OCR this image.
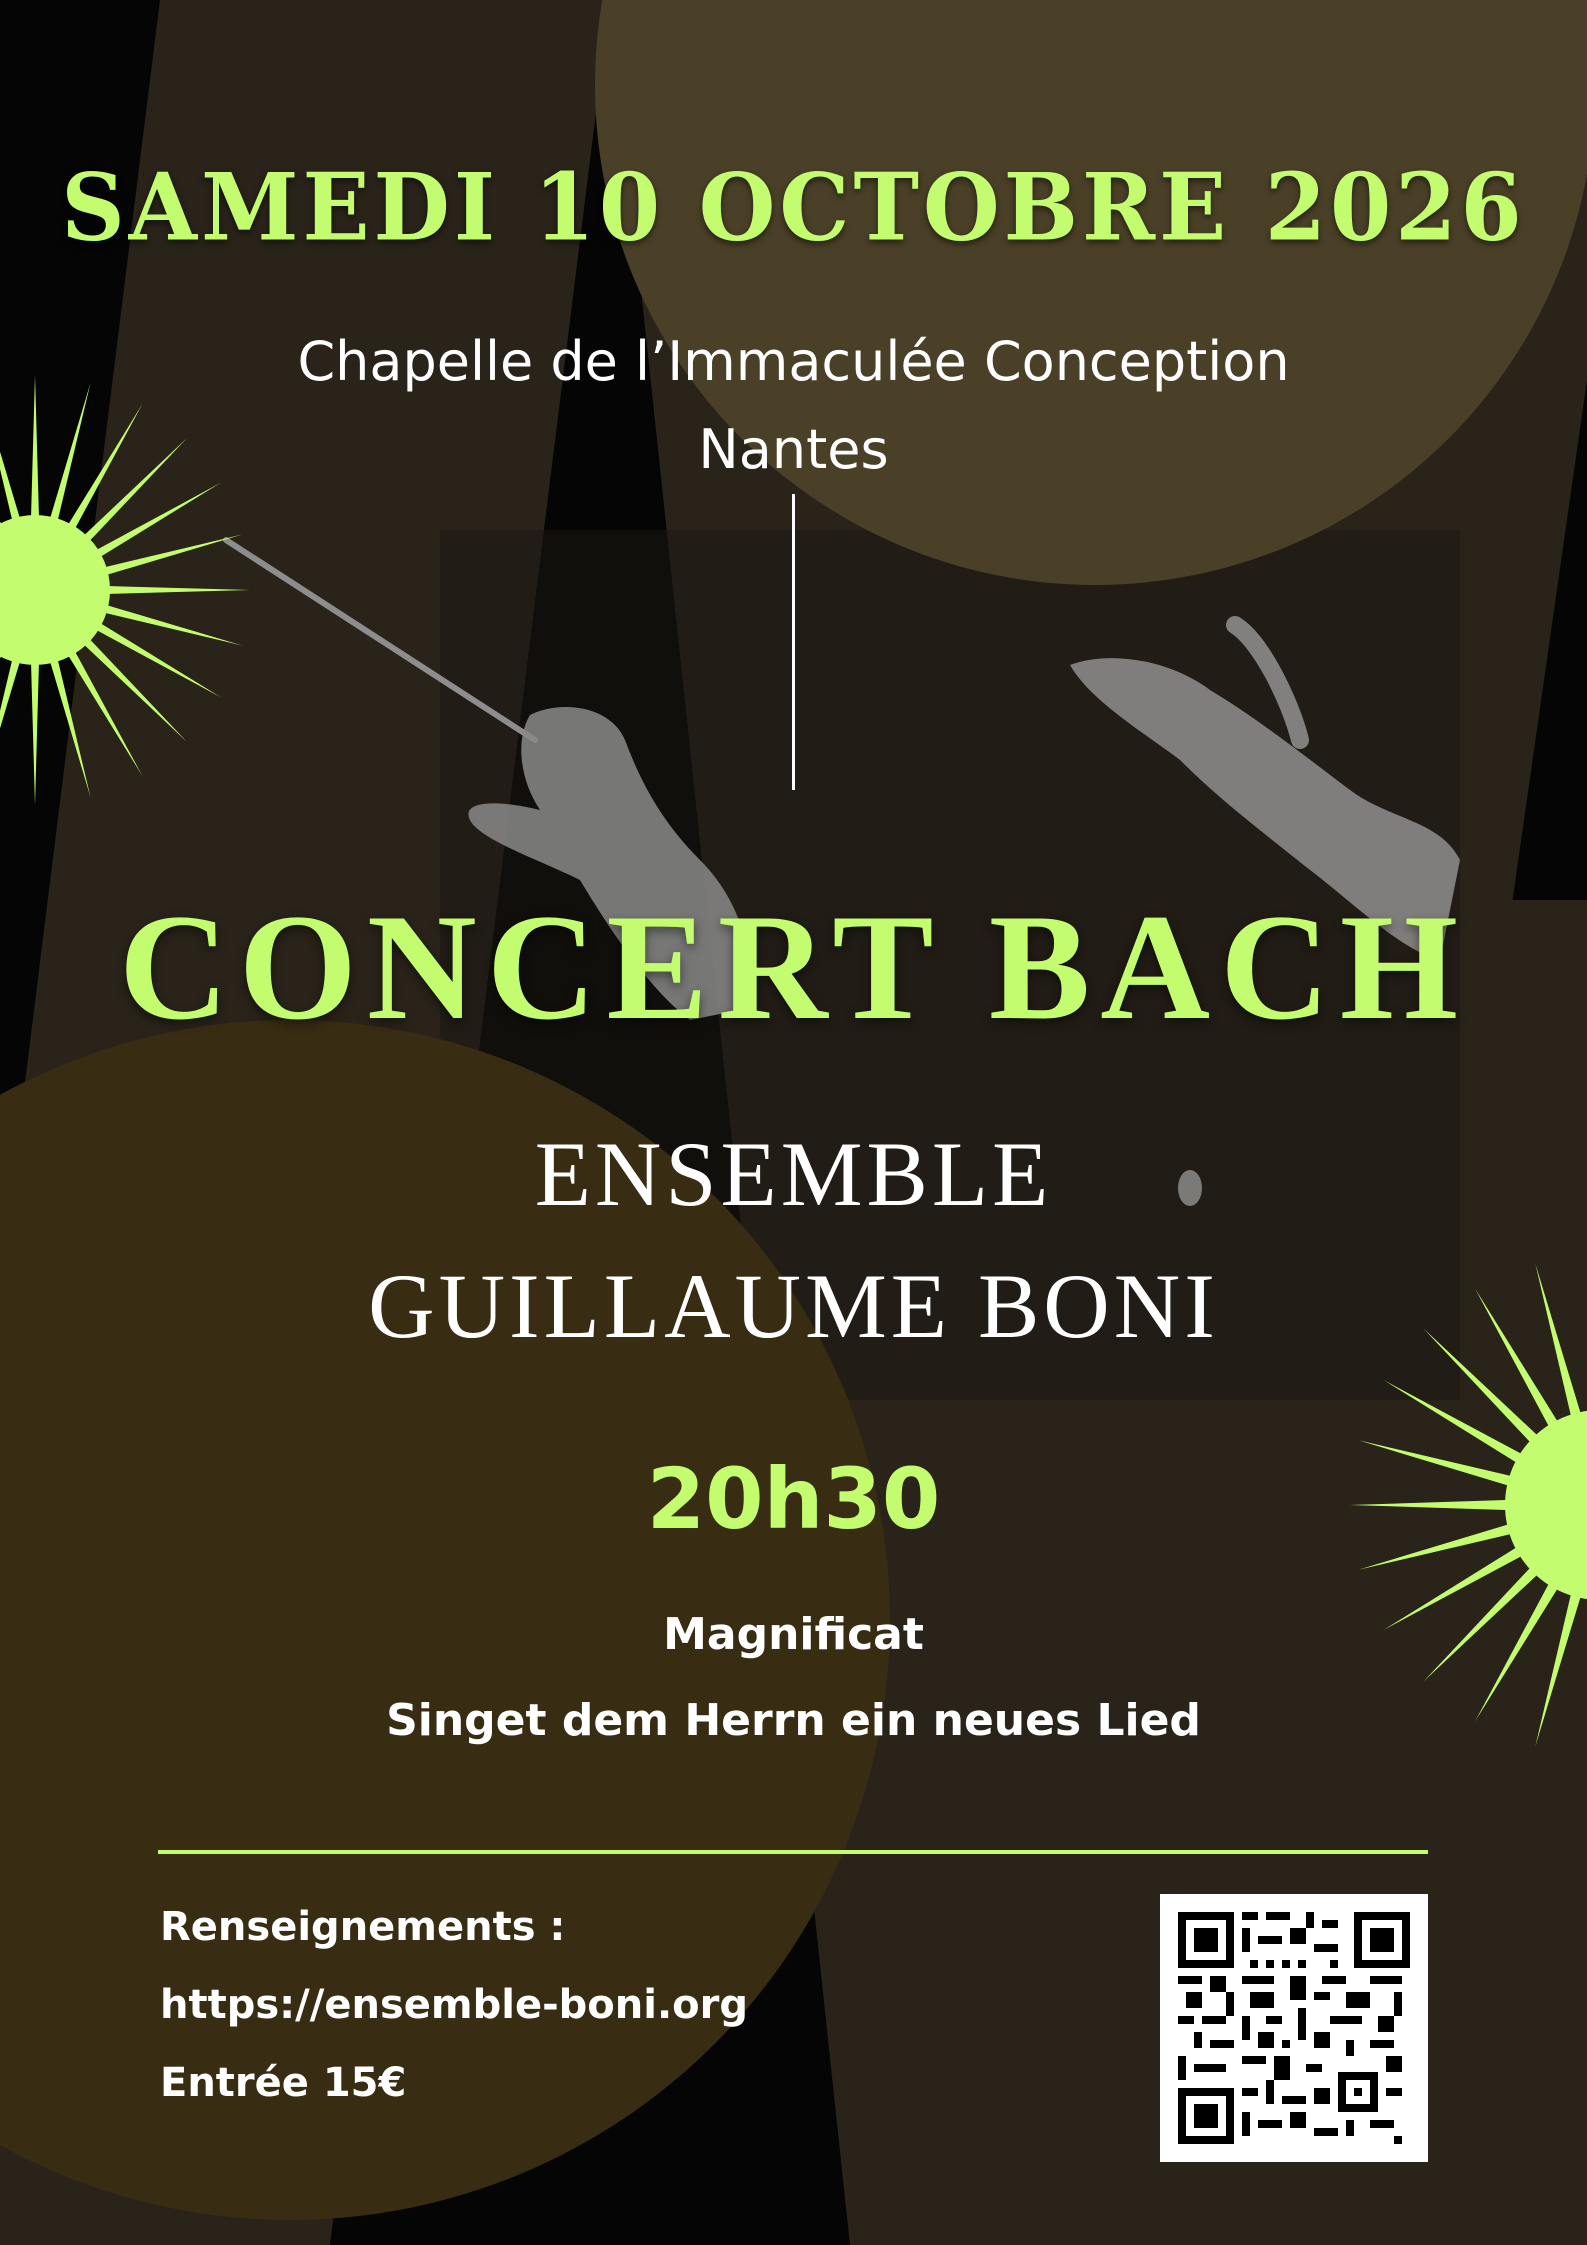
SAMEDI 10 OCTOBRE 2026
Chapelle de l’Immaculée Conception
Nantes
CONCERT BACH
ENSEMBLE
GUILLAUME BONI
20h30
Magnificat
Singet dem Herrn ein neues Lied
Renseignements :
https://ensemble-boni.org
Entrée 15€
